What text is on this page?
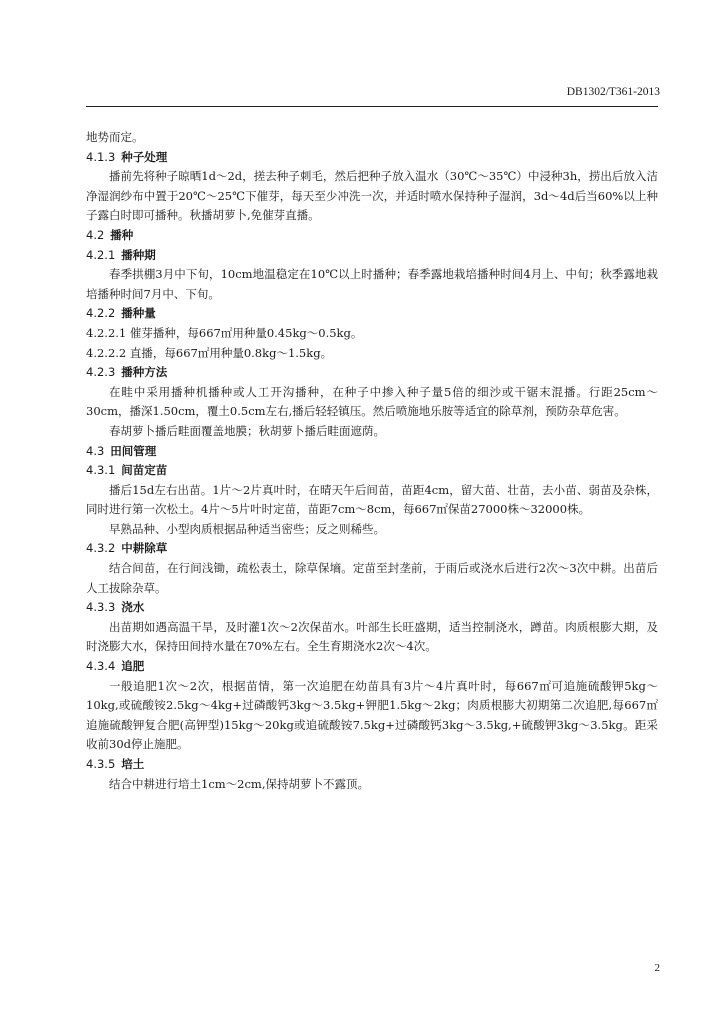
DB1302/T361-2013

地势而定。

4.1.3 种子处理

播前先将种子晾晒1d～2d，搓去种子刺毛，然后把种子放入温水（30℃～35℃）中浸种3h，捞出后放入洁净湿润纱布中置于20℃～25℃下催芽，每天至少冲洗一次，并适时喷水保持种子湿润，3d～4d后当60%以上种子露白时即可播种。秋播胡萝卜,免催芽直播。

4.2 播种
4.2.1 播种期

春季拱棚3月中下旬，10cm地温稳定在10℃以上时播种；春季露地栽培播种时间4月上、中旬；秋季露地栽培播种时间7月中、下旬。

4.2.2 播种量

4.2.2.1 催芽播种，每667㎡用种量0.45kg～0.5kg。

4.2.2.2 直播，每667㎡用种量0.8kg～1.5kg。

4.2.3 播种方法

在畦中采用播种机播种或人工开沟播种，在种子中掺入种子量5倍的细沙或干锯末混播。行距25cm～30cm，播深1.50cm，覆土0.5cm左右,播后轻轻镇压。然后喷施地乐胺等适宜的除草剂，预防杂草危害。

春胡萝卜播后畦面覆盖地膜；秋胡萝卜播后畦面遮荫。

4.3 田间管理
4.3.1 间苗定苗

播后15d左右出苗。1片～2片真叶时，在晴天午后间苗，苗距4cm，留大苗、壮苗，去小苗、弱苗及杂株，同时进行第一次松土。4片～5片叶时定苗，苗距7cm～8cm，每667㎡保苗27000株～32000株。

早熟品种、小型肉质根据品种适当密些；反之则稀些。

4.3.2 中耕除草

结合间苗，在行间浅锄，疏松表土，除草保墒。定苗至封垄前，于雨后或浇水后进行2次～3次中耕。出苗后人工拔除杂草。

4.3.3 浇水

出苗期如遇高温干旱，及时灌1次～2次保苗水。叶部生长旺盛期，适当控制浇水，蹲苗。肉质根膨大期，及时浇膨大水，保持田间持水量在70%左右。全生育期浇水2次～4次。

4.3.4 追肥

一般追肥1次～2次，根据苗情，第一次追肥在幼苗具有3片～4片真叶时，每667㎡可追施硫酸钾5kg～10kg,或硫酸铵2.5kg～4kg+过磷酸钙3kg～3.5kg+钾肥1.5kg～2kg；肉质根膨大初期第二次追肥,每667㎡追施硫酸钾复合肥(高钾型)15kg～20kg或追硫酸铵7.5kg+过磷酸钙3kg～3.5kg,+硫酸钾3kg～3.5kg。距采收前30d停止施肥。

4.3.5 培土

结合中耕进行培土1cm～2cm,保持胡萝卜不露顶。

2
